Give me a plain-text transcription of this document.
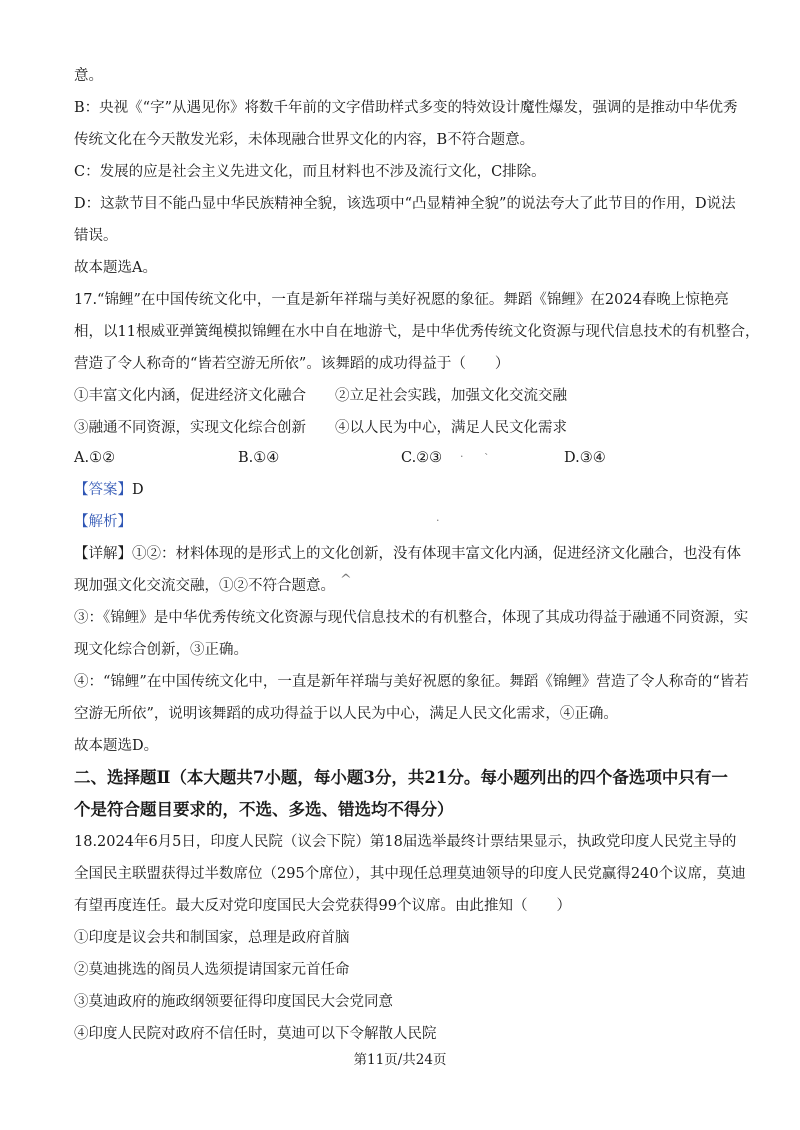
意。
B：央视《“字”从遇见你》将数千年前的文字借助样式多变的特效设计魔性爆发，强调的是推动中华优秀
传统文化在今天散发光彩，未体现融合世界文化的内容，B不符合题意。
C：发展的应是社会主义先进文化，而且材料也不涉及流行文化，C排除。
D：这款节目不能凸显中华民族精神全貌，该选项中“凸显精神全貌”的说法夸大了此节目的作用，D说法
错误。
故本题选A。
17.“锦鲤”在中国传统文化中，一直是新年祥瑞与美好祝愿的象征。舞蹈《锦鲤》在2024春晚上惊艳亮
相，以11根威亚弹簧绳模拟锦鲤在水中自在地游弋，是中华优秀传统文化资源与现代信息技术的有机整合，
营造了令人称奇的“皆若空游无所依”。该舞蹈的成功得益于（　　）
①丰富文化内涵，促进经济文化融合　　②立足社会实践，加强文化交流交融
③融通不同资源，实现文化综合创新　　④以人民为中心，满足人民文化需求
A.①②	B.①④	C.②③	D.③④
· `
【答案】D
【解析】	·
【详解】①②：材料体现的是形式上的文化创新，没有体现丰富文化内涵，促进经济文化融合，也没有体
现加强文化交流交融，①②不符合题意。 ^
③：《锦鲤》是中华优秀传统文化资源与现代信息技术的有机整合，体现了其成功得益于融通不同资源，实
现文化综合创新，③正确。
④：“锦鲤”在中国传统文化中，一直是新年祥瑞与美好祝愿的象征。舞蹈《锦鲤》营造了令人称奇的“皆若
空游无所依”，说明该舞蹈的成功得益于以人民为中心，满足人民文化需求，④正确。
故本题选D。
二、选择题Ⅱ（本大题共7小题，每小题3分，共21分。每小题列出的四个备选项中只有一
个是符合题目要求的，不选、多选、错选均不得分）
18.2024年6月5日，印度人民院（议会下院）第18届选举最终计票结果显示，执政党印度人民党主导的
全国民主联盟获得过半数席位（295个席位），其中现任总理莫迪领导的印度人民党赢得240个议席，莫迪
有望再度连任。最大反对党印度国民大会党获得99个议席。由此推知（　　）
①印度是议会共和制国家，总理是政府首脑
②莫迪挑选的阁员人选须提请国家元首任命
③莫迪政府的施政纲领要征得印度国民大会党同意
④印度人民院对政府不信任时，莫迪可以下令解散人民院
第11页/共24页
